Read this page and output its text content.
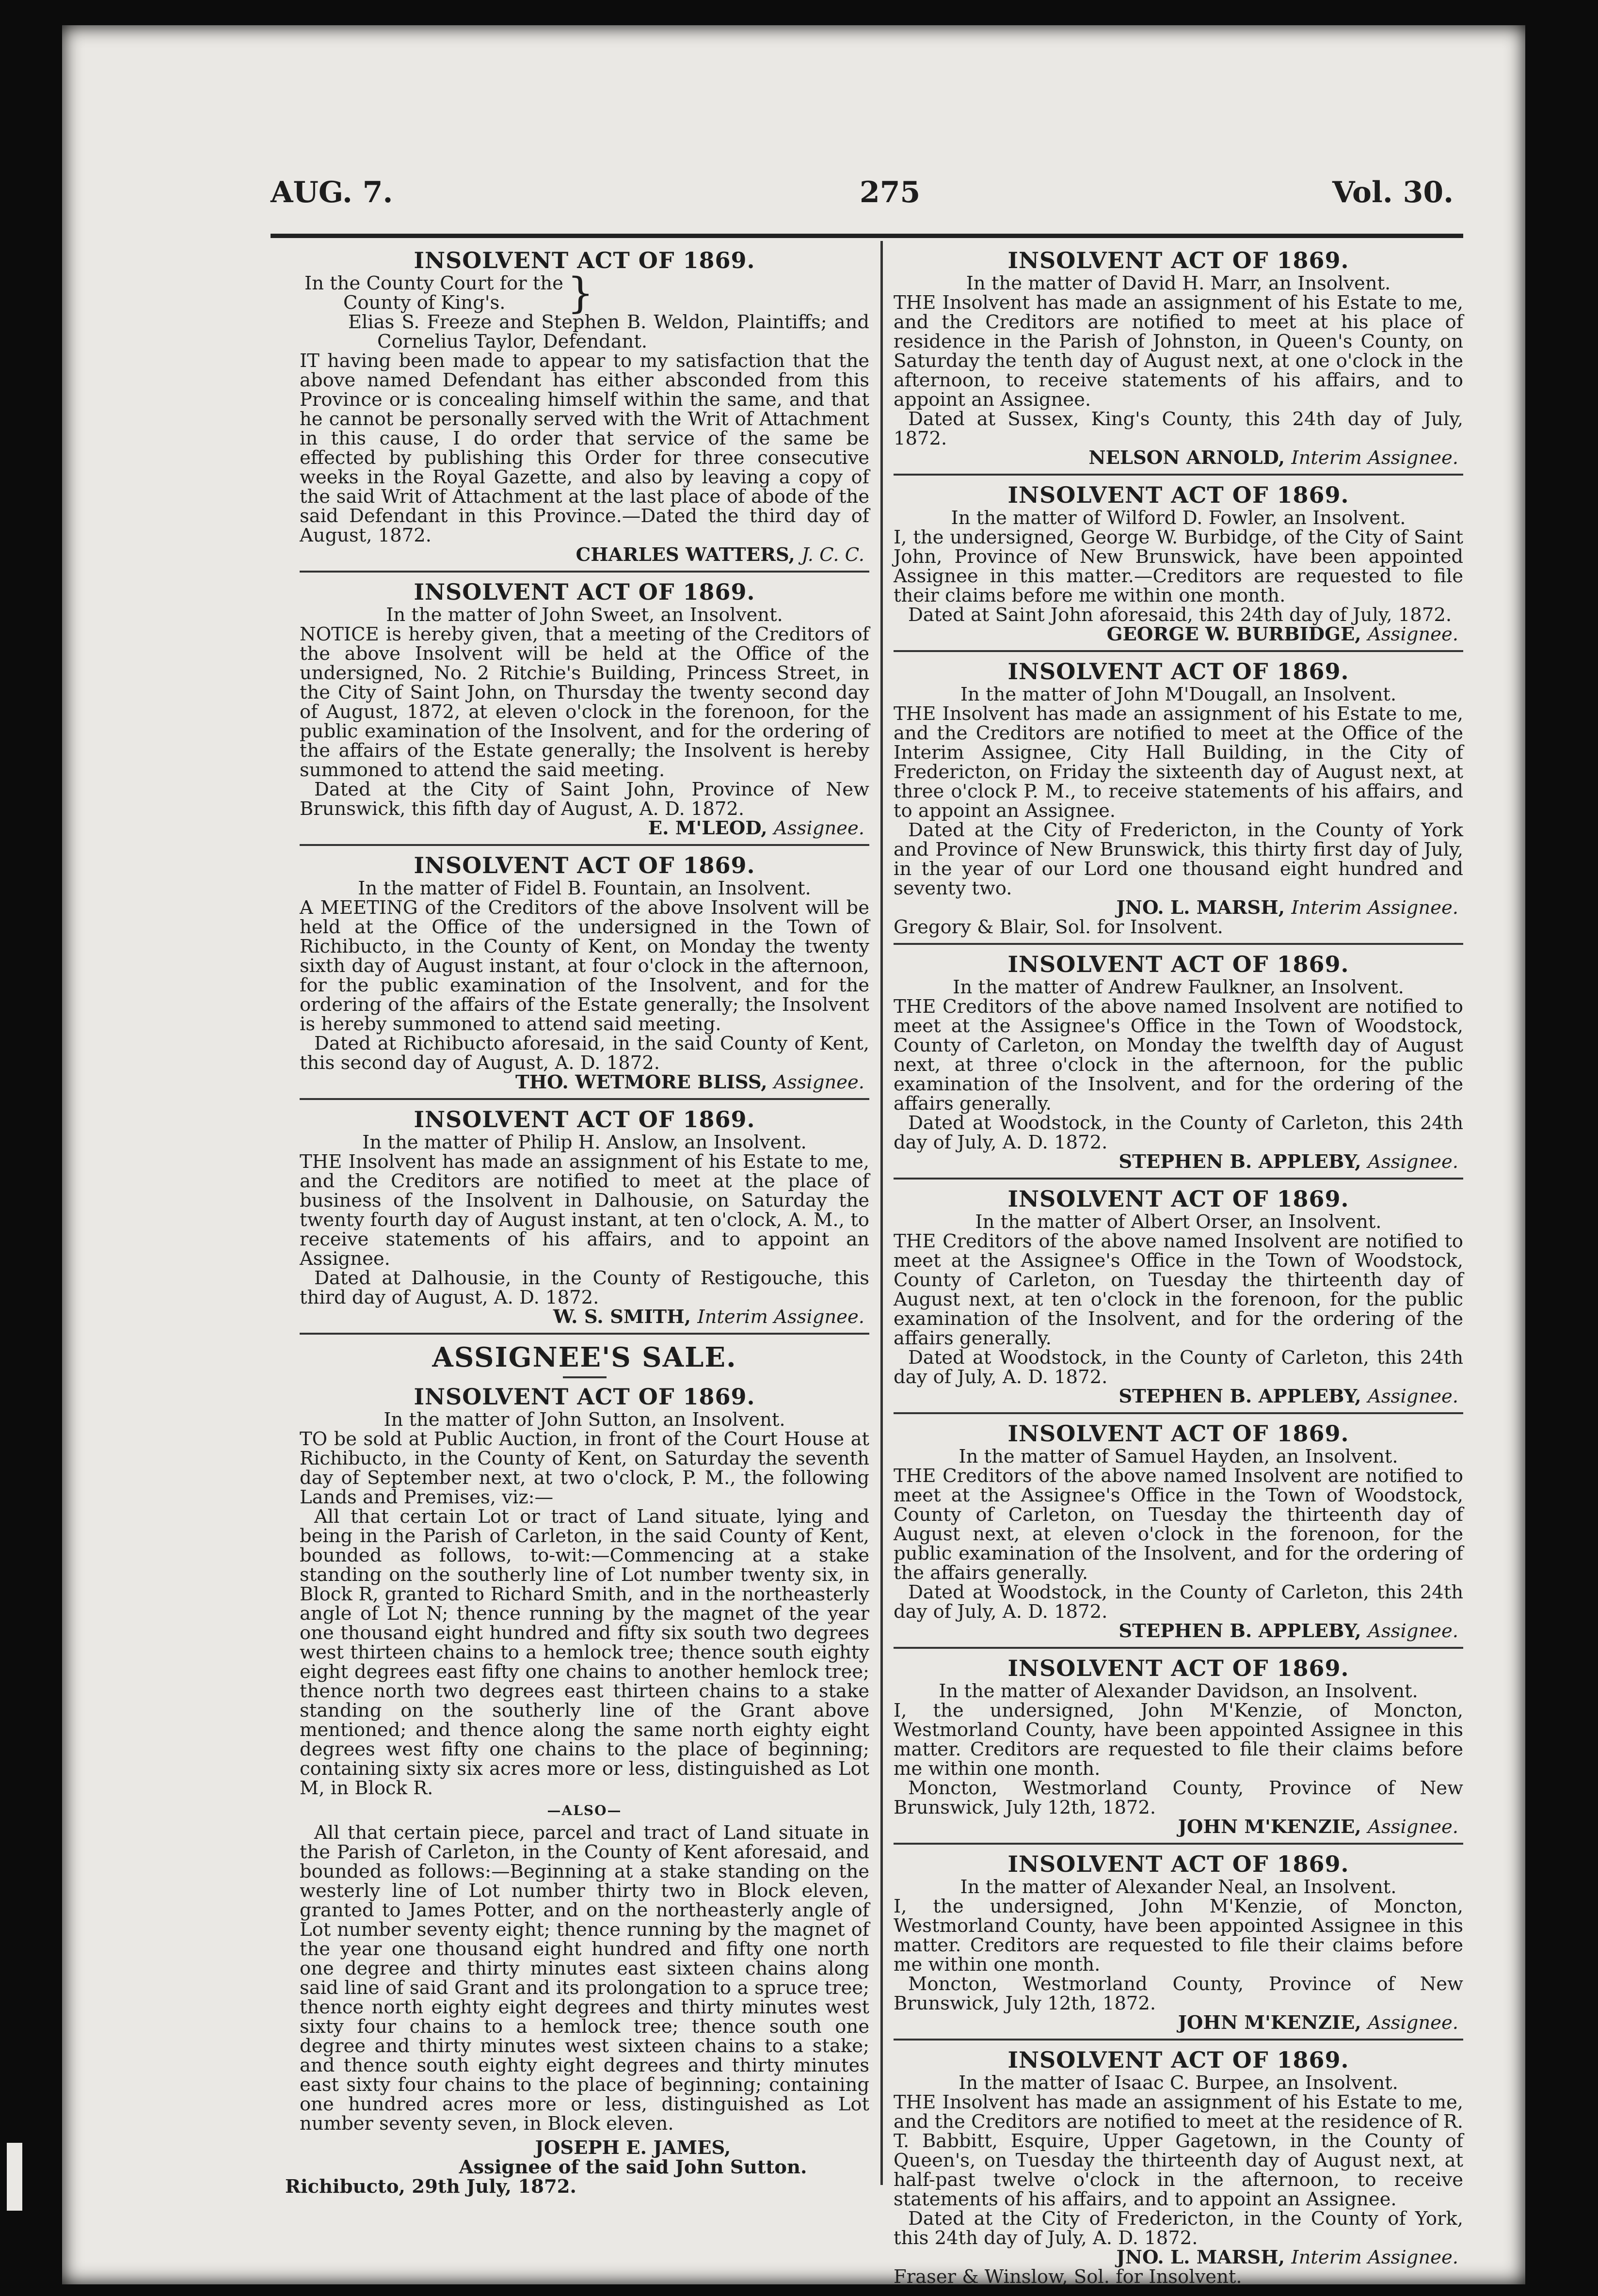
AUG. 7.	275	Vol. 30.
INSOLVENT ACT OF 1869.
In the County Court for the
County of King's.	}

Elias S. Freeze and Stephen B. Weldon, Plaintiffs; and Cornelius Taylor, Defendant.

IT having been made to appear to my satisfaction that the above named Defendant has either absconded from this Province or is concealing himself within the same, and that he cannot be personally served with the Writ of Attachment in this cause, I do order that service of the same be effected by publishing this Order for three consecutive weeks in the Royal Gazette, and also by leaving a copy of the said Writ of Attachment at the last place of abode of the said Defendant in this Province.—Dated the third day of August, 1872.

CHARLES WATTERS, J. C. C.
INSOLVENT ACT OF 1869.
In the matter of John Sweet, an Insolvent.

NOTICE is hereby given, that a meeting of the Creditors of the above Insolvent will be held at the Office of the undersigned, No. 2 Ritchie's Building, Princess Street, in the City of Saint John, on Thursday the twenty second day of August, 1872, at eleven o'clock in the forenoon, for the public examination of the Insolvent, and for the ordering of the affairs of the Estate generally; the Insolvent is hereby summoned to attend the said meeting.

Dated at the City of Saint John, Province of New Brunswick, this fifth day of August, A. D. 1872.

E. M'LEOD, Assignee.
INSOLVENT ACT OF 1869.
In the matter of Fidel B. Fountain, an Insolvent.

A MEETING of the Creditors of the above Insolvent will be held at the Office of the undersigned in the Town of Richibucto, in the County of Kent, on Monday the twenty sixth day of August instant, at four o'clock in the afternoon, for the public examination of the Insolvent, and for the ordering of the affairs of the Estate generally; the Insolvent is hereby summoned to attend said meeting.

Dated at Richibucto aforesaid, in the said County of Kent, this second day of August, A. D. 1872.

THO. WETMORE BLISS, Assignee.
INSOLVENT ACT OF 1869.
In the matter of Philip H. Anslow, an Insolvent.

THE Insolvent has made an assignment of his Estate to me, and the Creditors are notified to meet at the place of business of the Insolvent in Dalhousie, on Saturday the twenty fourth day of August instant, at ten o'clock, A. M., to receive statements of his affairs, and to appoint an Assignee.

Dated at Dalhousie, in the County of Restigouche, this third day of August, A. D. 1872.

W. S. SMITH, Interim Assignee.
ASSIGNEE'S SALE.
INSOLVENT ACT OF 1869.
In the matter of John Sutton, an Insolvent.

TO be sold at Public Auction, in front of the Court House at Richibucto, in the County of Kent, on Saturday the seventh day of September next, at two o'clock, P. M., the following Lands and Premises, viz:—

All that certain Lot or tract of Land situate, lying and being in the Parish of Carleton, in the said County of Kent, bounded as follows, to-wit:—Commencing at a stake standing on the southerly line of Lot number twenty six, in Block R, granted to Richard Smith, and in the northeasterly angle of Lot N; thence running by the magnet of the year one thousand eight hundred and fifty six south two degrees west thirteen chains to a hemlock tree; thence south eighty eight degrees east fifty one chains to another hemlock tree; thence north two degrees east thirteen chains to a stake standing on the southerly line of the Grant above mentioned; and thence along the same north eighty eight degrees west fifty one chains to the place of beginning; containing sixty six acres more or less, distinguished as Lot M, in Block R.

—ALSO—

All that certain piece, parcel and tract of Land situate in the Parish of Carleton, in the County of Kent aforesaid, and bounded as follows:—Beginning at a stake standing on the westerly line of Lot number thirty two in Block eleven, granted to James Potter, and on the northeasterly angle of Lot number seventy eight; thence running by the magnet of the year one thousand eight hundred and fifty one north one degree and thirty minutes east sixteen chains along said line of said Grant and its prolongation to a spruce tree; thence north eighty eight degrees and thirty minutes west sixty four chains to a hemlock tree; thence south one degree and thirty minutes west sixteen chains to a stake; and thence south eighty eight degrees and thirty minutes east sixty four chains to the place of beginning; containing one hundred acres more or less, distinguished as Lot number seventy seven, in Block eleven.

JOSEPH E. JAMES,
Assignee of the said John Sutton.
Richibucto, 29th July, 1872.
INSOLVENT ACT OF 1869.
In the matter of David H. Marr, an Insolvent.

THE Insolvent has made an assignment of his Estate to me, and the Creditors are notified to meet at his place of residence in the Parish of Johnston, in Queen's County, on Saturday the tenth day of August next, at one o'clock in the afternoon, to receive statements of his affairs, and to appoint an Assignee.

Dated at Sussex, King's County, this 24th day of July, 1872.

NELSON ARNOLD, Interim Assignee.
INSOLVENT ACT OF 1869.
In the matter of Wilford D. Fowler, an Insolvent.

I, the undersigned, George W. Burbidge, of the City of Saint John, Province of New Brunswick, have been appointed Assignee in this matter.—Creditors are requested to file their claims before me within one month.

Dated at Saint John aforesaid, this 24th day of July, 1872.

GEORGE W. BURBIDGE, Assignee.
INSOLVENT ACT OF 1869.
In the matter of John M'Dougall, an Insolvent.

THE Insolvent has made an assignment of his Estate to me, and the Creditors are notified to meet at the Office of the Interim Assignee, City Hall Building, in the City of Fredericton, on Friday the sixteenth day of August next, at three o'clock P. M., to receive statements of his affairs, and to appoint an Assignee.

Dated at the City of Fredericton, in the County of York and Province of New Brunswick, this thirty first day of July, in the year of our Lord one thousand eight hundred and seventy two.

JNO. L. MARSH, Interim Assignee.
Gregory & Blair, Sol. for Insolvent.
INSOLVENT ACT OF 1869.
In the matter of Andrew Faulkner, an Insolvent.

THE Creditors of the above named Insolvent are notified to meet at the Assignee's Office in the Town of Woodstock, County of Carleton, on Monday the twelfth day of August next, at three o'clock in the afternoon, for the public examination of the Insolvent, and for the ordering of the affairs generally.

Dated at Woodstock, in the County of Carleton, this 24th day of July, A. D. 1872.

STEPHEN B. APPLEBY, Assignee.
INSOLVENT ACT OF 1869.
In the matter of Albert Orser, an Insolvent.

THE Creditors of the above named Insolvent are notified to meet at the Assignee's Office in the Town of Woodstock, County of Carleton, on Tuesday the thirteenth day of August next, at ten o'clock in the forenoon, for the public examination of the Insolvent, and for the ordering of the affairs generally.

Dated at Woodstock, in the County of Carleton, this 24th day of July, A. D. 1872.

STEPHEN B. APPLEBY, Assignee.
INSOLVENT ACT OF 1869.
In the matter of Samuel Hayden, an Insolvent.

THE Creditors of the above named Insolvent are notified to meet at the Assignee's Office in the Town of Woodstock, County of Carleton, on Tuesday the thirteenth day of August next, at eleven o'clock in the forenoon, for the public examination of the Insolvent, and for the ordering of the affairs generally.

Dated at Woodstock, in the County of Carleton, this 24th day of July, A. D. 1872.

STEPHEN B. APPLEBY, Assignee.
INSOLVENT ACT OF 1869.
In the matter of Alexander Davidson, an Insolvent.

I, the undersigned, John M'Kenzie, of Moncton, Westmorland County, have been appointed Assignee in this matter. Creditors are requested to file their claims before me within one month.

Moncton, Westmorland County, Province of New Brunswick, July 12th, 1872.

JOHN M'KENZIE, Assignee.
INSOLVENT ACT OF 1869.
In the matter of Alexander Neal, an Insolvent.

I, the undersigned, John M'Kenzie, of Moncton, Westmorland County, have been appointed Assignee in this matter. Creditors are requested to file their claims before me within one month.

Moncton, Westmorland County, Province of New Brunswick, July 12th, 1872.

JOHN M'KENZIE, Assignee.
INSOLVENT ACT OF 1869.
In the matter of Isaac C. Burpee, an Insolvent.

THE Insolvent has made an assignment of his Estate to me, and the Creditors are notified to meet at the residence of R. T. Babbitt, Esquire, Upper Gagetown, in the County of Queen's, on Tuesday the thirteenth day of August next, at half-past twelve o'clock in the afternoon, to receive statements of his affairs, and to appoint an Assignee.

Dated at the City of Fredericton, in the County of York, this 24th day of July, A. D. 1872.

JNO. L. MARSH, Interim Assignee.
Fraser & Winslow, Sol. for Insolvent.
